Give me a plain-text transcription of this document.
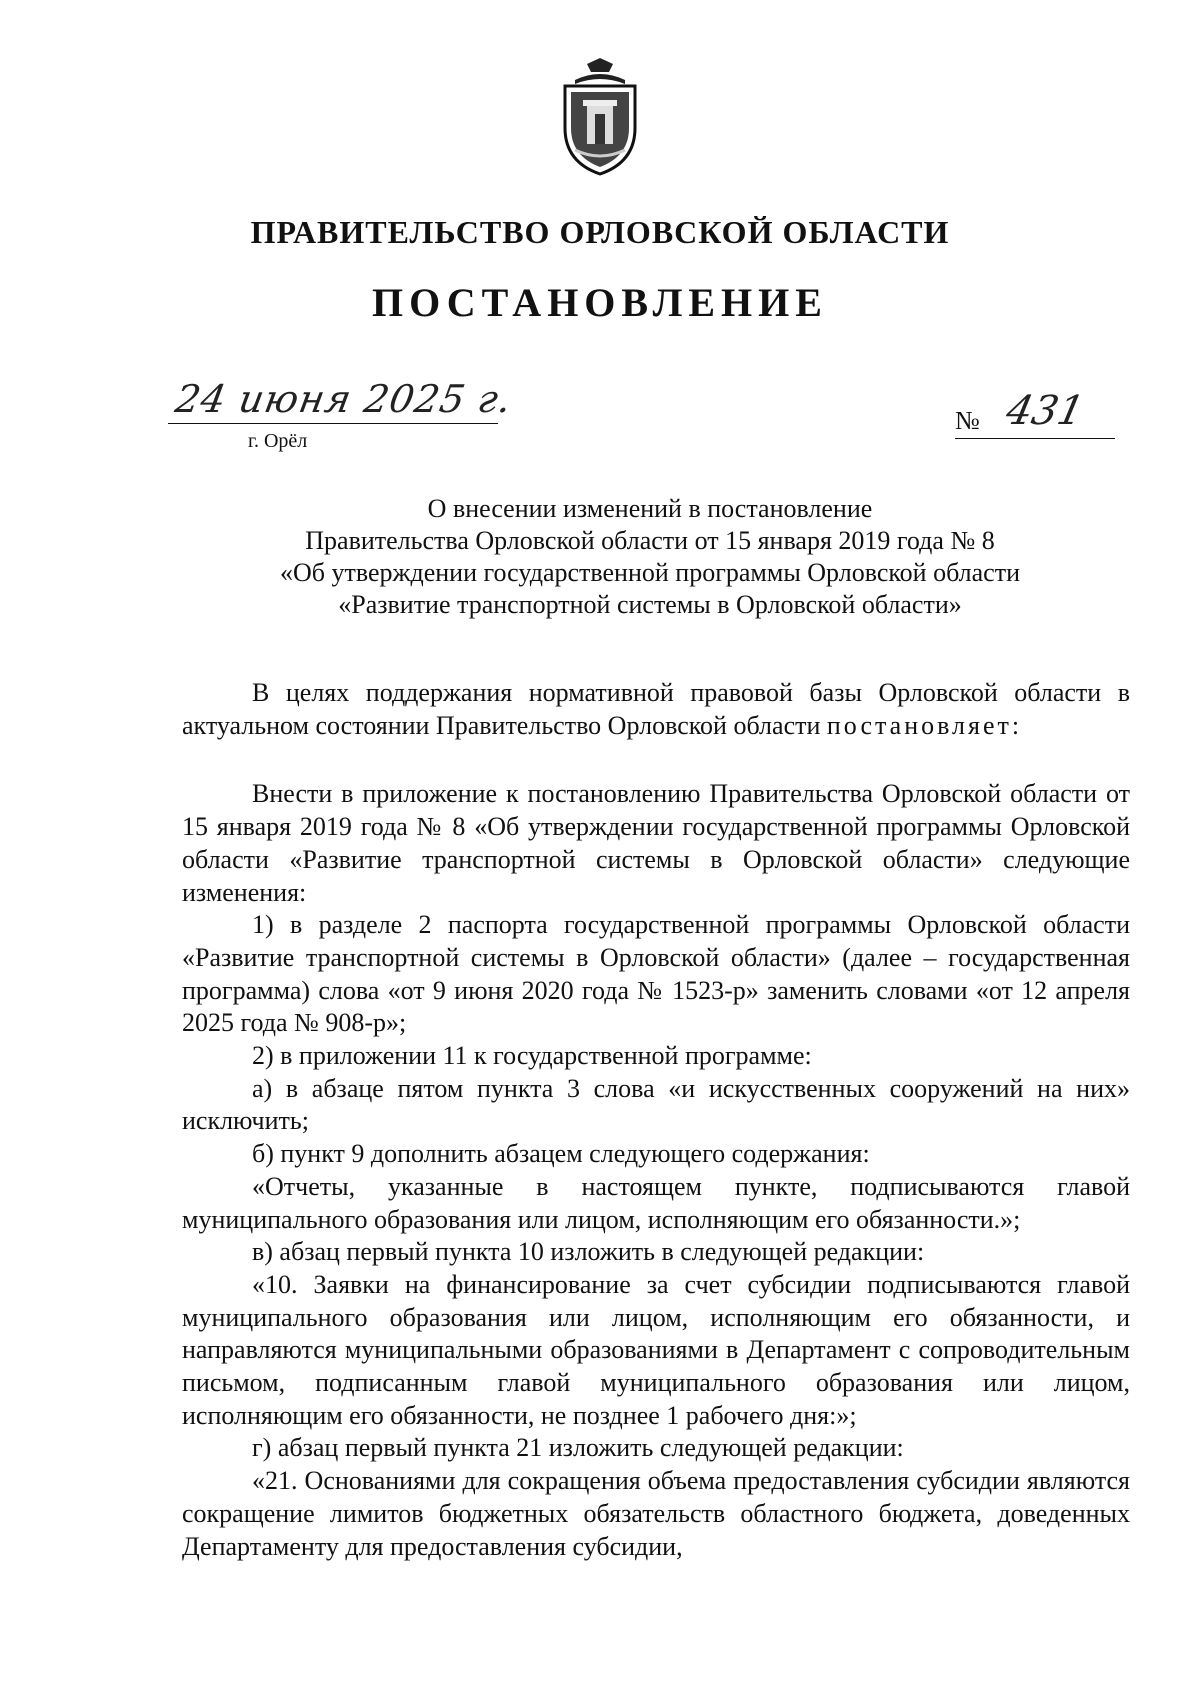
ПРАВИТЕЛЬСТВО ОРЛОВСКОЙ ОБЛАСТИ
ПОСТАНОВЛЕНИЕ
24 июня 2025 г.
г. Орёл
№ 431
О внесении изменений в постановление
Правительства Орловской области от 15 января 2019 года № 8
«Об утверждении государственной программы Орловской области
«Развитие транспортной системы в Орловской области»

В целях поддержания нормативной правовой базы Орловской области в актуальном состоянии Правительство Орловской области постановляет:

Внести в приложение к постановлению Правительства Орловской области от 15 января 2019 года № 8 «Об утверждении государственной программы Орловской области «Развитие транспортной системы в Орловской области» следующие изменения:

1) в разделе 2 паспорта государственной программы Орловской области «Развитие транспортной системы в Орловской области» (далее – государственная программа) слова «от 9 июня 2020 года № 1523-р» заменить словами «от 12 апреля 2025 года № 908-р»;

2) в приложении 11 к государственной программе:

а) в абзаце пятом пункта 3 слова «и искусственных сооружений на них» исключить;

б) пункт 9 дополнить абзацем следующего содержания:

«Отчеты, указанные в настоящем пункте, подписываются главой муниципального образования или лицом, исполняющим его обязанности.»;

в) абзац первый пункта 10 изложить в следующей редакции:

«10. Заявки на финансирование за счет субсидии подписываются главой муниципального образования или лицом, исполняющим его обязанности, и направляются муниципальными образованиями в Департамент с сопроводительным письмом, подписанным главой муниципального образования или лицом, исполняющим его обязанности, не позднее 1 рабочего дня:»;

г) абзац первый пункта 21 изложить следующей редакции:

«21. Основаниями для сокращения объема предоставления субсидии являются сокращение лимитов бюджетных обязательств областного бюджета, доведенных Департаменту для предоставления субсидии,
